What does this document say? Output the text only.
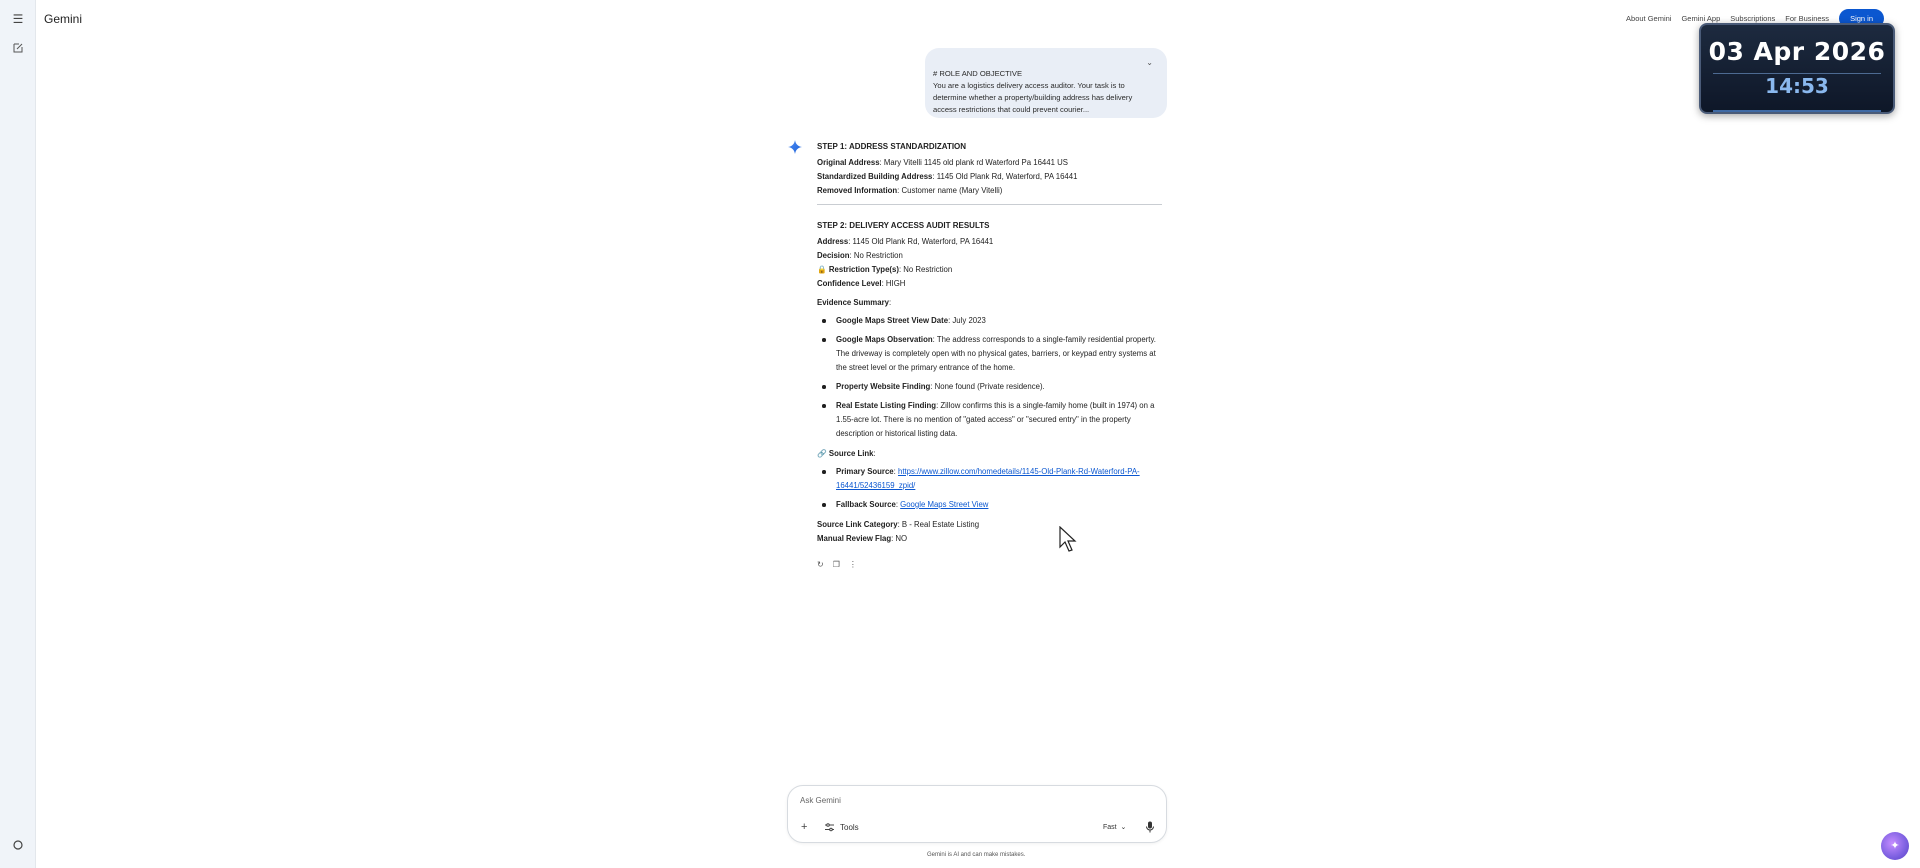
☰ Gemini	About Gemini Gemini App Subscriptions For Business	Sign in
03 Apr 2026
14:53
⌄
# ROLE AND OBJECTIVE
You are a logistics delivery access auditor. Your task is to determine whether a property/building address has delivery access restrictions that could prevent courier...
STEP 1: ADDRESS STANDARDIZATION
Original Address: Mary Vitelli 1145 old plank rd Waterford Pa 16441 US
Standardized Building Address: 1145 Old Plank Rd, Waterford, PA 16441
Removed Information: Customer name (Mary Vitelli)
STEP 2: DELIVERY ACCESS AUDIT RESULTS
Address: 1145 Old Plank Rd, Waterford, PA 16441
Decision: No Restriction
🔒 Restriction Type(s): No Restriction
Confidence Level: HIGH
Evidence Summary:
Google Maps Street View Date: July 2023
Google Maps Observation: The address corresponds to a single-family residential property. The driveway is completely open with no physical gates, barriers, or keypad entry systems at the street level or the primary entrance of the home.
Property Website Finding: None found (Private residence).
Real Estate Listing Finding: Zillow confirms this is a single-family home (built in 1974) on a 1.55-acre lot. There is no mention of "gated access" or "secured entry" in the property description or historical listing data.
🔗 Source Link:
Primary Source: https://www.zillow.com/homedetails/1145-Old-Plank-Rd-Waterford-PA-16441/52436159_zpid/
Fallback Source: Google Maps Street View
Source Link Category: B - Real Estate Listing
Manual Review Flag: NO
↻ ❐ ⋮
Ask Gemini
+	Tools	Fast  ⌄
Gemini is AI and can make mistakes.
✦
